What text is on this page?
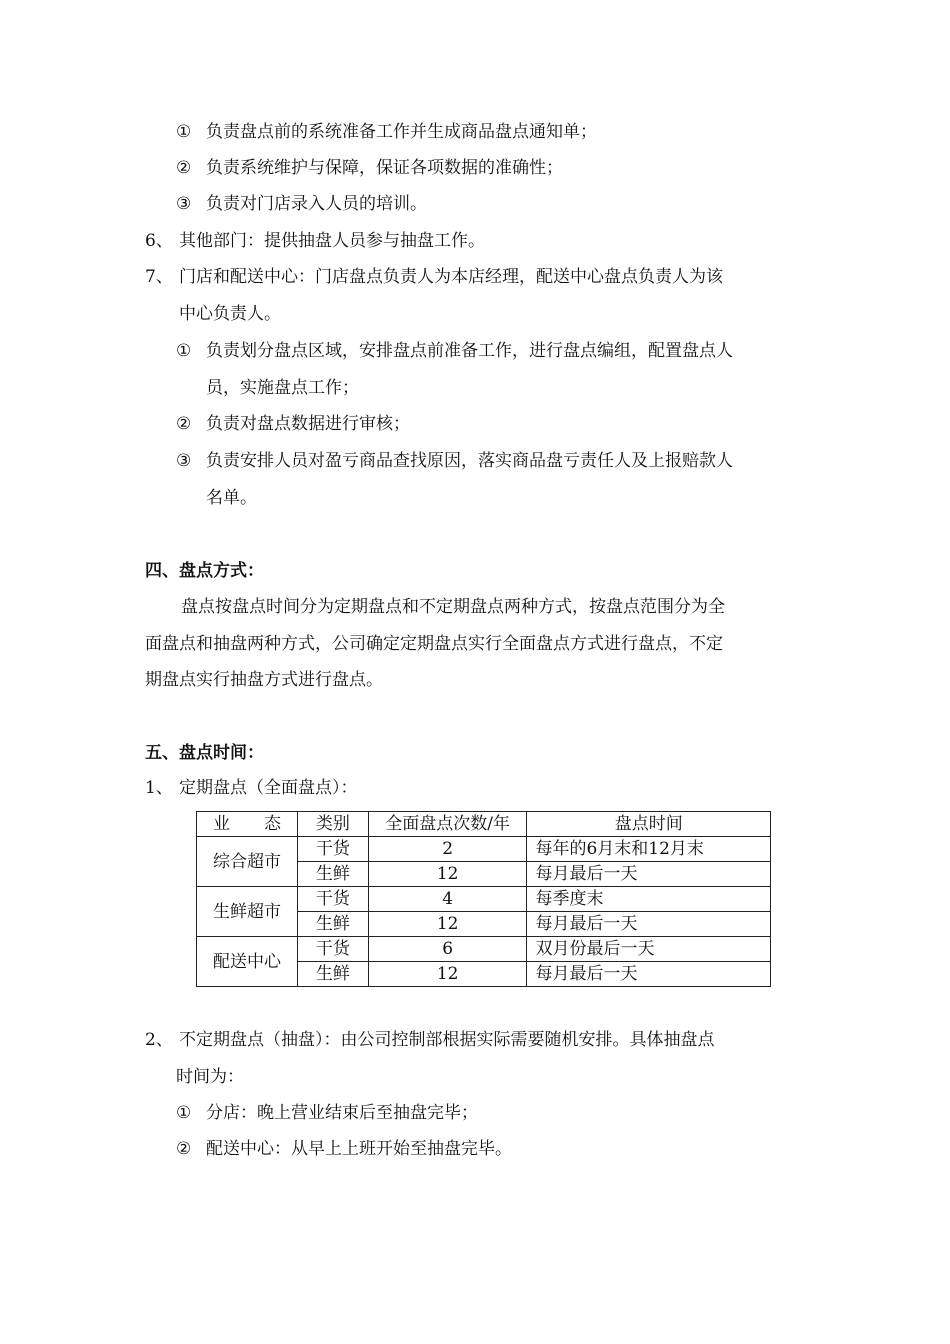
① 负责盘点前的系统准备工作并生成商品盘点通知单；
② 负责系统维护与保障，保证各项数据的准确性；
③ 负责对门店录入人员的培训。
6、 其他部门：提供抽盘人员参与抽盘工作。
7、 门店和配送中心：门店盘点负责人为本店经理，配送中心盘点负责人为该
中心负责人。
① 负责划分盘点区域，安排盘点前准备工作，进行盘点编组，配置盘点人
员，实施盘点工作；
② 负责对盘点数据进行审核；
③ 负责安排人员对盈亏商品查找原因，落实商品盘亏责任人及上报赔款人
名单。
四、盘点方式：
盘点按盘点时间分为定期盘点和不定期盘点两种方式，按盘点范围分为全
面盘点和抽盘两种方式，公司确定定期盘点实行全面盘点方式进行盘点，不定
期盘点实行抽盘方式进行盘点。
五、盘点时间：
1、 定期盘点（全面盘点）：
业　　态	类别	全面盘点次数/年	盘点时间
综合超市	干货	2	每年的6月末和12月末
	生鲜	12	每月最后一天
生鲜超市	干货	4	每季度末
	生鲜	12	每月最后一天
配送中心	干货	6	双月份最后一天
	生鲜	12	每月最后一天
2、 不定期盘点（抽盘）：由公司控制部根据实际需要随机安排。具体抽盘点
时间为：
① 分店：晚上营业结束后至抽盘完毕；
② 配送中心：从早上上班开始至抽盘完毕。
